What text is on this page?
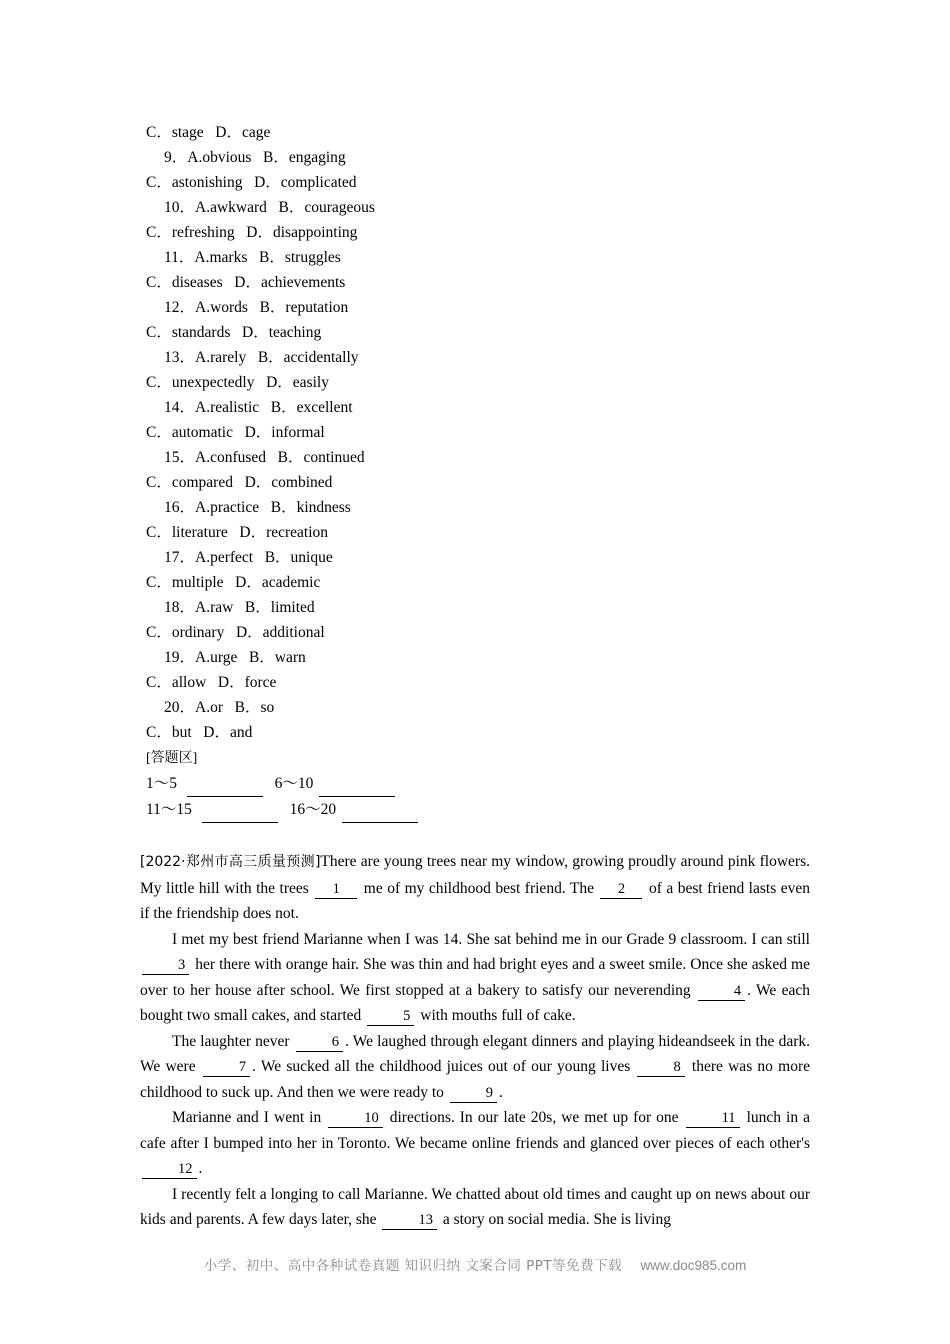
C．stage   D．cage
9．A.obvious   B．engaging
C．astonishing   D．complicated
10．A.awkward   B．courageous
C．refreshing   D．disappointing
11．A.marks   B．struggles
C．diseases   D．achievements
12．A.words   B．reputation
C．standards   D．teaching
13．A.rarely   B．accidentally
C．unexpectedly   D．easily
14．A.realistic   B．excellent
C．automatic   D．informal
15．A.confused   B．continued
C．compared   D．combined
16．A.practice   B．kindness
C．literature   D．recreation
17．A.perfect   B．unique
C．multiple   D．academic
18．A.raw   B．limited
C．ordinary   D．additional
19．A.urge   B．warn
C．allow   D．force
20．A.or   B．so
C．but   D．and
[答题区]
1～5	6～10
11～15	16～20

[2022·郑州市高三质量预测]There are young trees near my window, growing proudly around pink flowers. My little hill with the trees 1 me of my childhood best friend. The 2 of a best friend lasts even if the friendship does not.

I met my best friend Marianne when I was 14. She sat behind me in our Grade 9 classroom. I can still 3 her there with orange hair. She was thin and had bright eyes and a sweet smile. Once she asked me over to her house after school. We first stopped at a bakery to satisfy our neverending	4 . We each bought two small cakes, and started	5 with mouths full of cake.

The laughter never	6 . We laughed through elegant dinners and playing hideandseek in the dark. We were	7 . We sucked all the childhood juices out of our young lives	8 there was no more childhood to suck up. And then we were ready to	9 .

Marianne and I went in	10 directions. In our late 20s, we met up for one	11 lunch in a cafe after I bumped into her in Toronto. We became online friends and glanced over pieces of each other's 12 .

I recently felt a longing to call Marianne. We chatted about old times and caught up on news about our kids and parents. A few days later, she	13 a story on social media. She is living

小学、初中、高中各种试卷真题 知识归纳 文案合同 PPT等免费下载 www.doc985.com
